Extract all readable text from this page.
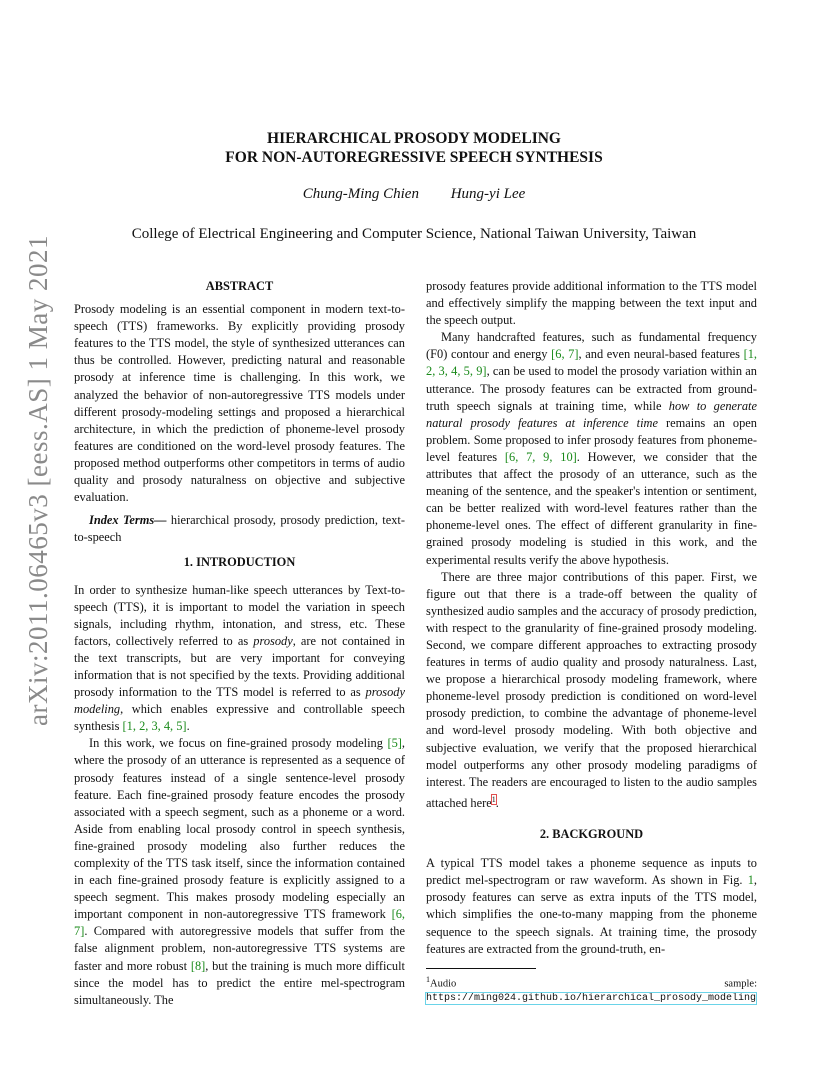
arXiv:2011.06465v3 [eess.AS] 1 May 2021
HIERARCHICAL PROSODY MODELING
FOR NON-AUTOREGRESSIVE SPEECH SYNTHESIS
Chung-Ming Chien Hung-yi Lee
College of Electrical Engineering and Computer Science, National Taiwan University, Taiwan
ABSTRACT

Prosody modeling is an essential component in modern text-to-speech (TTS) frameworks. By explicitly providing prosody features to the TTS model, the style of synthesized utterances can thus be controlled. However, predicting natural and reasonable prosody at inference time is challenging. In this work, we analyzed the behavior of non-autoregressive TTS models under different prosody-modeling settings and proposed a hierarchical architecture, in which the prediction of phoneme-level prosody features are conditioned on the word-level prosody features. The proposed method outperforms other competitors in terms of audio quality and prosody naturalness on objective and subjective evaluation.

Index Terms— hierarchical prosody, prosody prediction, text-to-speech

1. INTRODUCTION

In order to synthesize human-like speech utterances by Text-to-speech (TTS), it is important to model the variation in speech signals, including rhythm, intonation, and stress, etc. These factors, collectively referred to as prosody, are not contained in the text transcripts, but are very important for conveying information that is not specified by the texts. Providing additional prosody information to the TTS model is referred to as prosody modeling, which enables expressive and controllable speech synthesis [1, 2, 3, 4, 5].

In this work, we focus on fine-grained prosody modeling [5], where the prosody of an utterance is represented as a sequence of prosody features instead of a single sentence-level prosody feature. Each fine-grained prosody feature encodes the prosody associated with a speech segment, such as a phoneme or a word. Aside from enabling local prosody control in speech synthesis, fine-grained prosody modeling also further reduces the complexity of the TTS task itself, since the information contained in each fine-grained prosody feature is explicitly assigned to a speech segment. This makes prosody modeling especially an important component in non-autoregressive TTS framework [6, 7]. Compared with autoregressive models that suffer from the false alignment problem, non-autoregressive TTS systems are faster and more robust [8], but the training is much more difficult since the model has to predict the entire mel-spectrogram simultaneously. The

prosody features provide additional information to the TTS model and effectively simplify the mapping between the text input and the speech output.

Many handcrafted features, such as fundamental frequency (F0) contour and energy [6, 7], and even neural-based features [1, 2, 3, 4, 5, 9], can be used to model the prosody variation within an utterance. The prosody features can be extracted from ground-truth speech signals at training time, while how to generate natural prosody features at inference time remains an open problem. Some proposed to infer prosody features from phoneme-level features [6, 7, 9, 10]. However, we consider that the attributes that affect the prosody of an utterance, such as the meaning of the sentence, and the speaker's intention or sentiment, can be better realized with word-level features rather than the phoneme-level ones. The effect of different granularity in fine-grained prosody modeling is studied in this work, and the experimental results verify the above hypothesis.

There are three major contributions of this paper. First, we figure out that there is a trade-off between the quality of synthesized audio samples and the accuracy of prosody prediction, with respect to the granularity of fine-grained prosody modeling. Second, we compare different approaches to extracting prosody features in terms of audio quality and prosody naturalness. Last, we propose a hierarchical prosody modeling framework, where phoneme-level prosody prediction is conditioned on word-level prosody prediction, to combine the advantage of phoneme-level and word-level prosody modeling. With both objective and subjective evaluation, we verify that the proposed hierarchical model outperforms any other prosody modeling paradigms of interest. The readers are encouraged to listen to the audio samples attached here$^1$.

2. BACKGROUND

A typical TTS model takes a phoneme sequence as inputs to predict mel-spectrogram or raw waveform. As shown in Fig. 1, prosody features can serve as extra inputs of the TTS model, which simplifies the one-to-many mapping from the phoneme sequence to the speech signals. At training time, the prosody features are extracted from the ground-truth, en-

$^1$Audio sample: https://ming024.github.io/hierarchical_prosody_modeling
